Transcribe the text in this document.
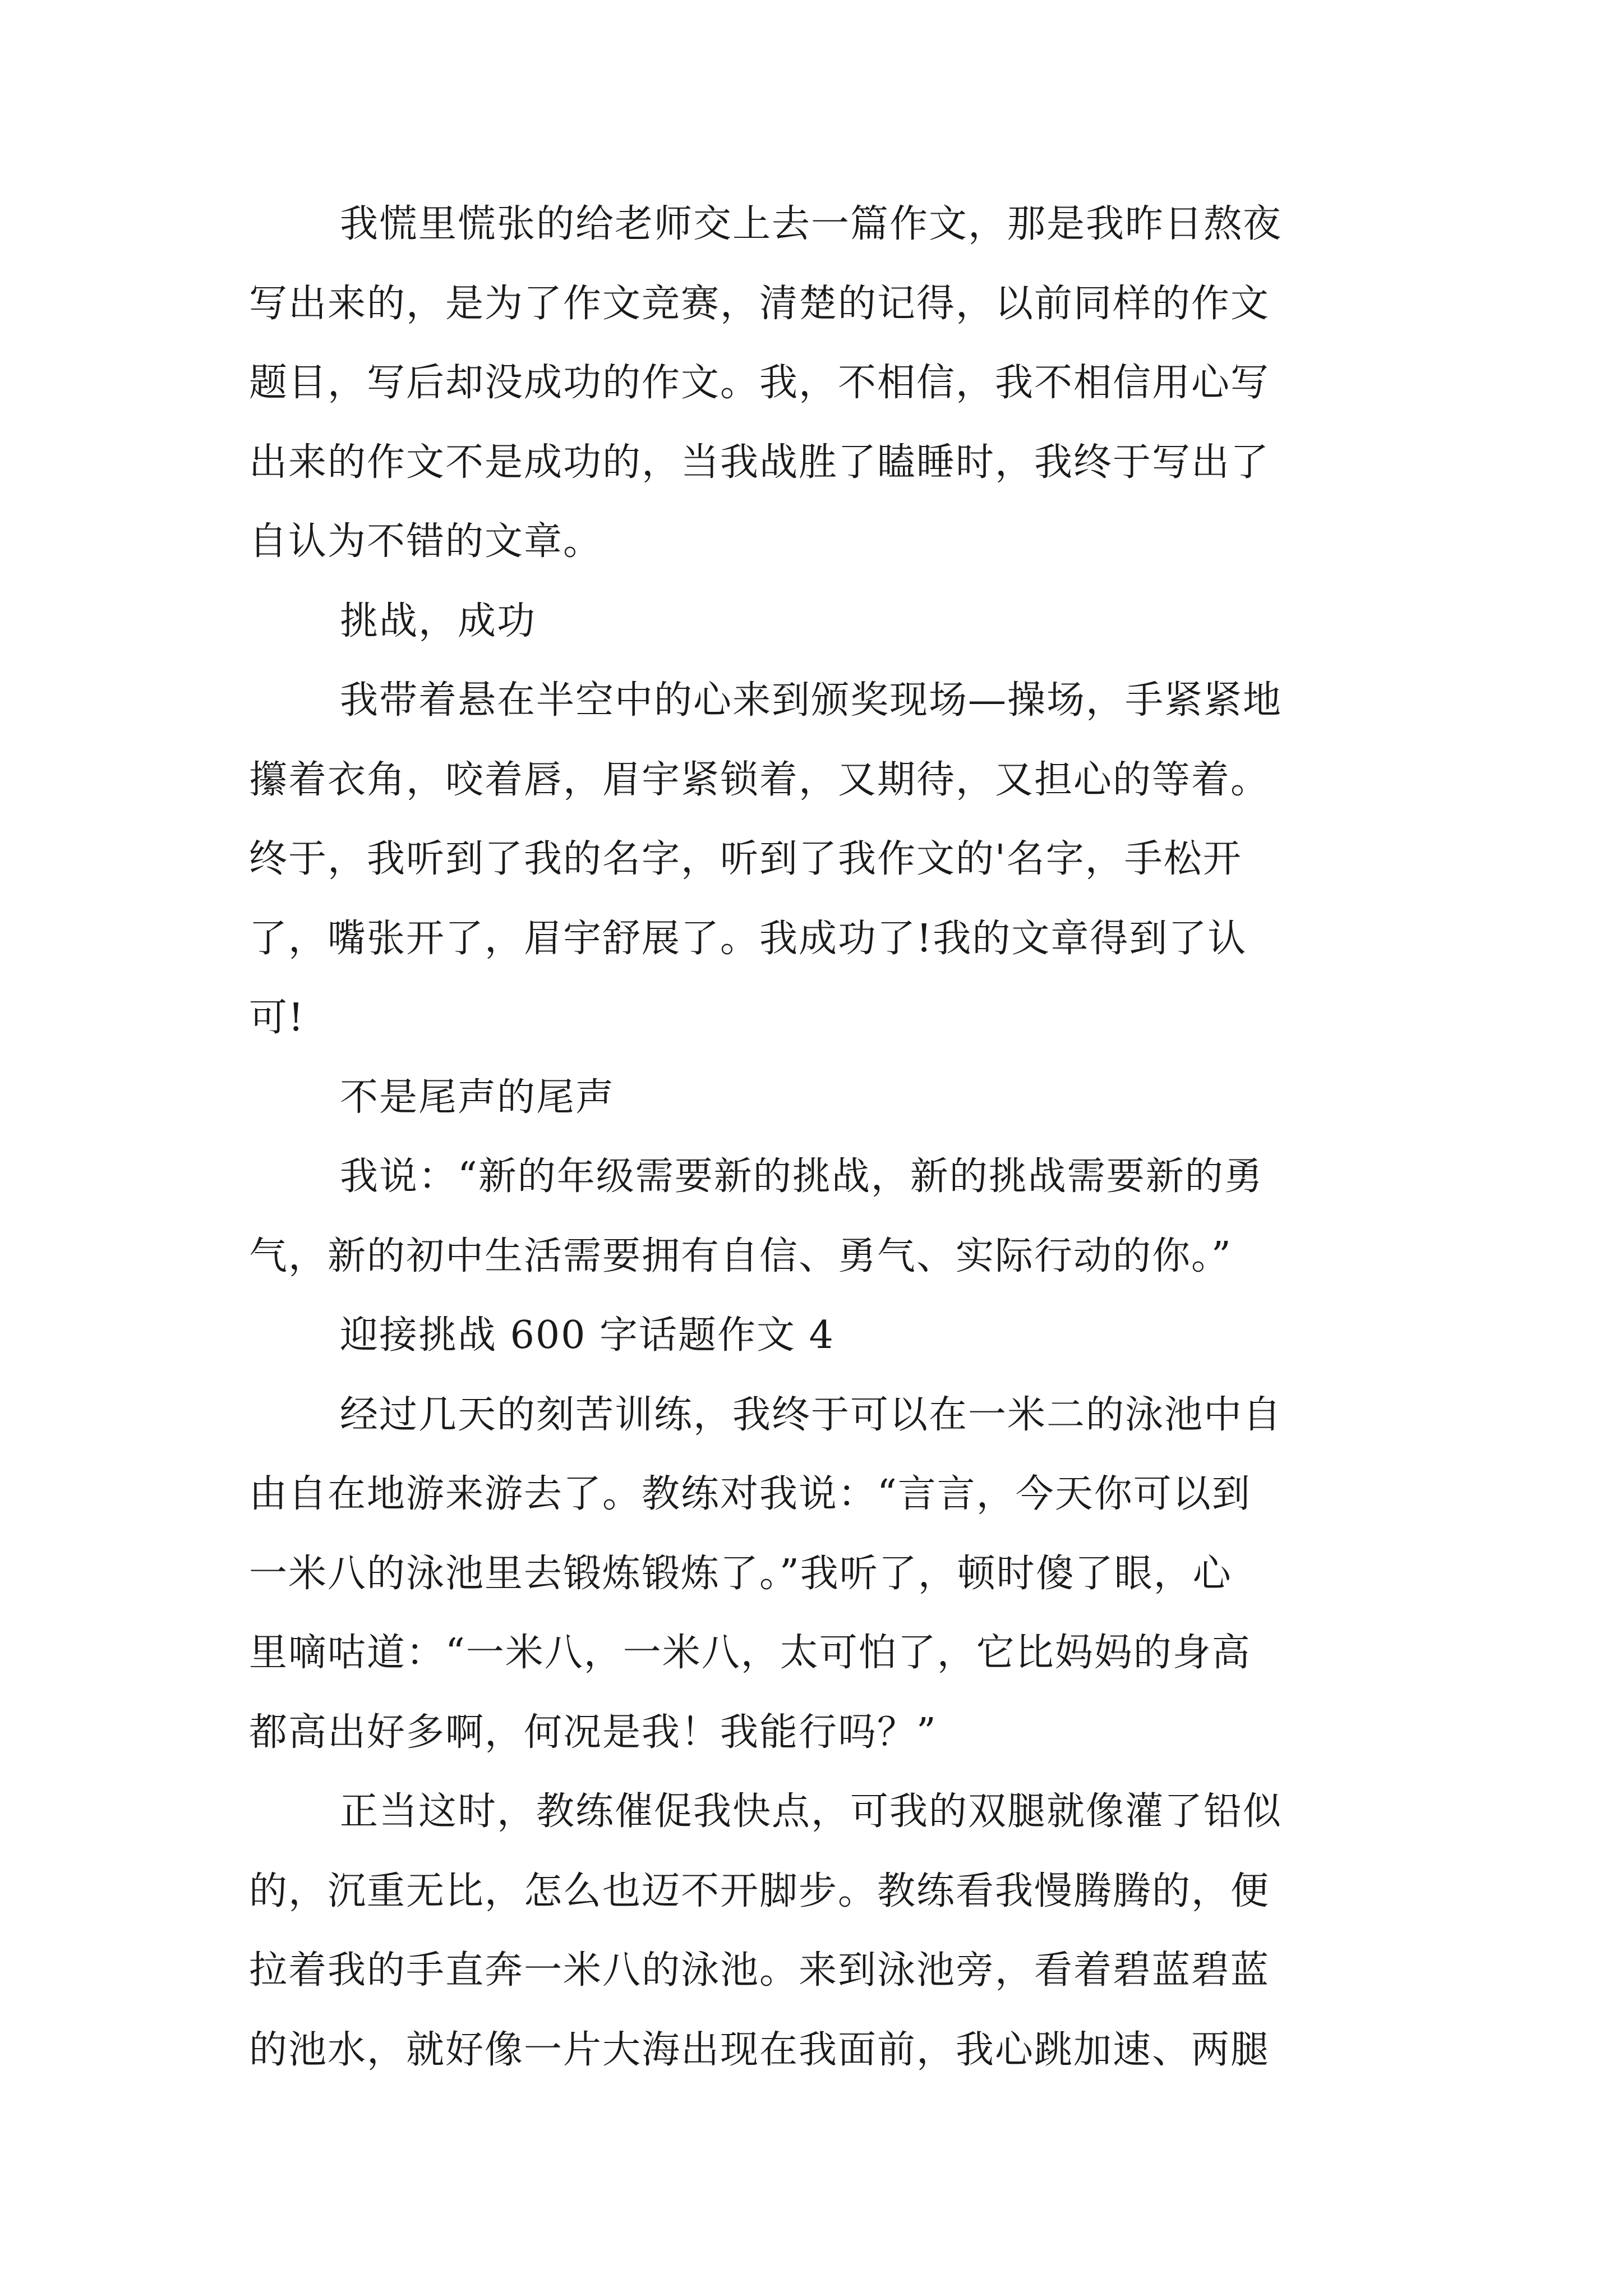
我慌里慌张的给老师交上去一篇作文，那是我昨日熬夜
写出来的，是为了作文竞赛，清楚的记得，以前同样的作文
题目，写后却没成功的作文。我，不相信，我不相信用心写
出来的作文不是成功的，当我战胜了瞌睡时，我终于写出了
自认为不错的文章。
挑战，成功
我带着悬在半空中的心来到颁奖现场—操场，手紧紧地
攥着衣角，咬着唇，眉宇紧锁着，又期待，又担心的等着。
终于，我听到了我的名字，听到了我作文的'名字，手松开
了，嘴张开了，眉宇舒展了。我成功了!我的文章得到了认
可!
不是尾声的尾声
我说：“新的年级需要新的挑战，新的挑战需要新的勇
气，新的初中生活需要拥有自信、勇气、实际行动的你。”
迎接挑战 600 字话题作文 4
经过几天的刻苦训练，我终于可以在一米二的泳池中自
由自在地游来游去了。教练对我说：“言言，今天你可以到
一米八的泳池里去锻炼锻炼了。”我听了，顿时傻了眼，心
里嘀咕道：“一米八，一米八，太可怕了，它比妈妈的身高
都高出好多啊，何况是我！我能行吗？”
正当这时，教练催促我快点，可我的双腿就像灌了铅似
的，沉重无比，怎么也迈不开脚步。教练看我慢腾腾的，便
拉着我的手直奔一米八的泳池。来到泳池旁，看着碧蓝碧蓝
的池水，就好像一片大海出现在我面前，我心跳加速、两腿
